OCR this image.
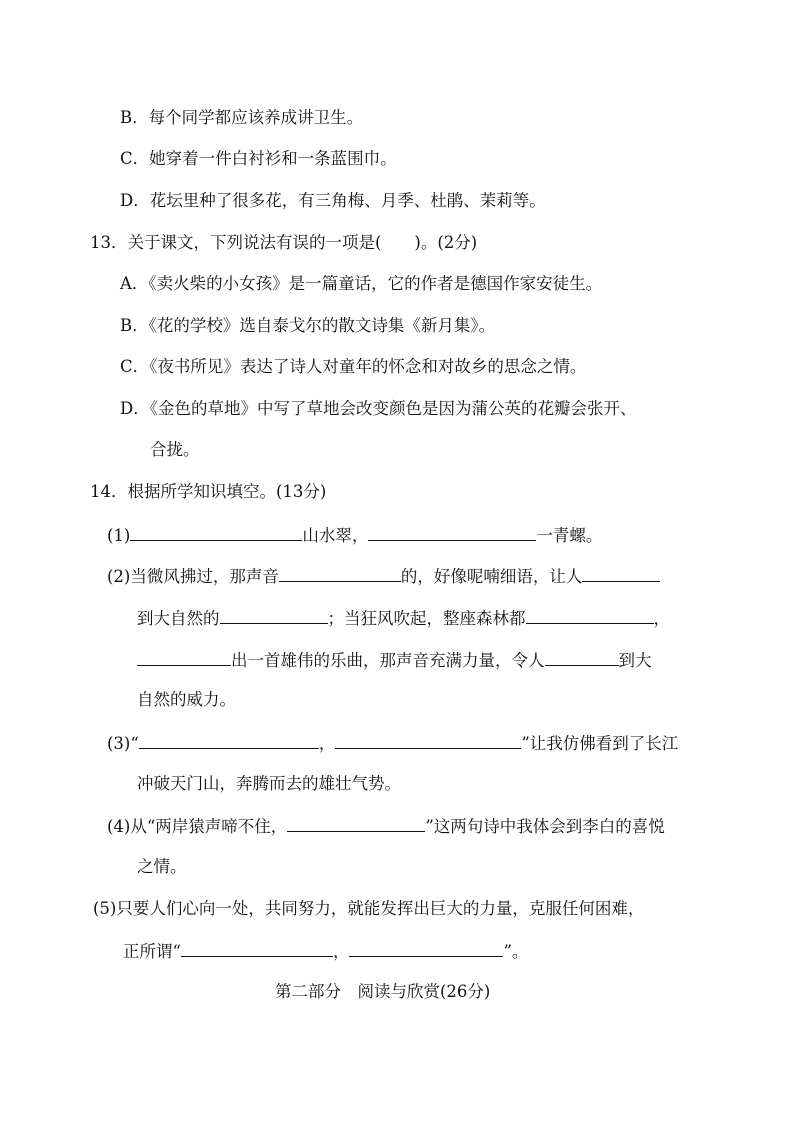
B．每个同学都应该养成讲卫生。
C．她穿着一件白衬衫和一条蓝围巾。
D．花坛里种了很多花，有三角梅、月季、杜鹃、茉莉等。
13．关于课文，下列说法有误的一项是(　　)。(2分)
A．《卖火柴的小女孩》是一篇童话，它的作者是德国作家安徒生。
B．《花的学校》选自泰戈尔的散文诗集《新月集》。
C．《夜书所见》表达了诗人对童年的怀念和对故乡的思念之情。
D．《金色的草地》中写了草地会改变颜色是因为蒲公英的花瓣会张开、
合拢。
14．根据所学知识填空。(13分)
(1)	山水翠，	一青螺。
(2)当微风拂过，那声音	的，好像呢喃细语，让人
到大自然的	；当狂风吹起，整座森林都	，
出一首雄伟的乐曲，那声音充满力量，令人	到大
自然的威力。
(3)“	，	”让我仿佛看到了长江
冲破天门山，奔腾而去的雄壮气势。
(4)从“两岸猿声啼不住，	”这两句诗中我体会到李白的喜悦
之情。
(5)只要人们心向一处，共同努力，就能发挥出巨大的力量，克服任何困难，
正所谓“	，	”。
第二部分　阅读与欣赏(26分)
